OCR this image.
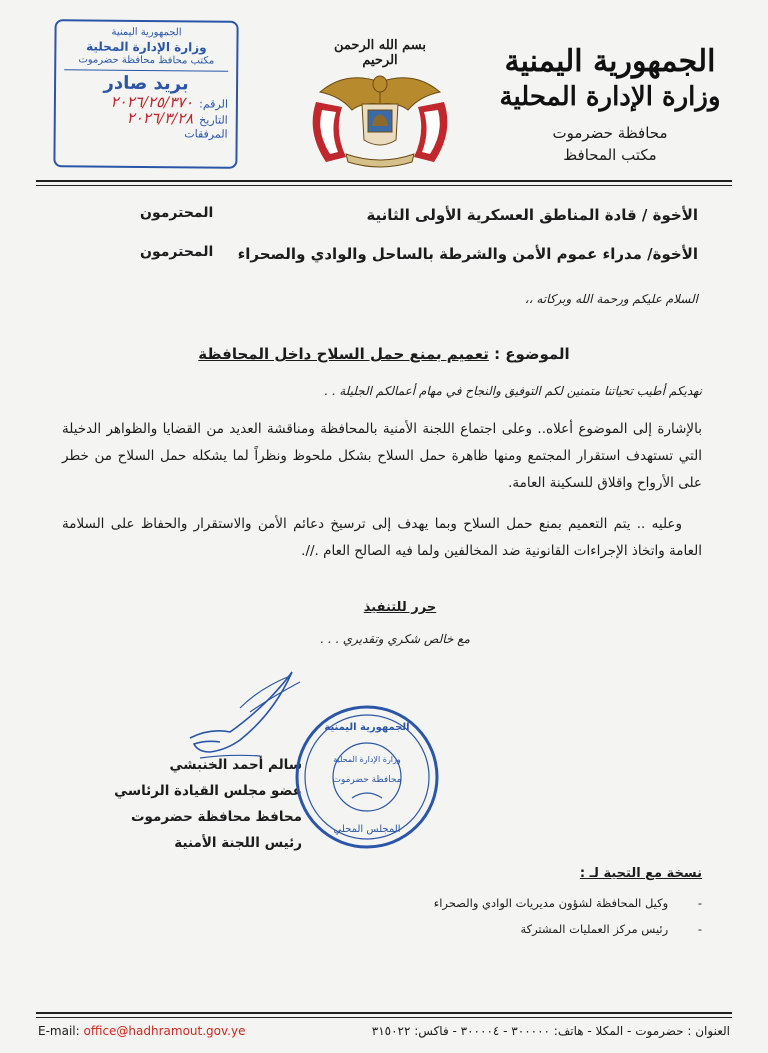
الجمهورية اليمنية
وزارة الإدارة المحلية
محافظة حضرموت
مكتب المحافظ
بسم الله الرحمن الرحيم
الجمهورية اليمنية
وزارة الإدارة المحلية
مكتب محافظ محافظة حضرموت
بريد صادر
الرقم:
٢٠٢٦/٢٥/٣٧٠
التاريخ
٢٠٢٦/٣/٢٨
المرفقات
الأخوة / قادة المناطق العسكرية الأولى الثانية
المحترمون
الأخوة/ مدراء عموم الأمن والشرطة بالساحل والوادي والصحراء
المحترمون
السلام عليكم ورحمة الله وبركاته ،،
الموضوع : تعميم بمنع حمل السلاح داخل المحافظة
نهديكم أطيب تحياتنا متمنين لكم التوفيق والنجاح في مهام أعمالكم الجليلة . .
بالإشارة إلى الموضوع أعلاه.. وعلى اجتماع اللجنة الأمنية بالمحافظة ومناقشة العديد من القضايا والظواهر الدخيلة التي تستهدف استقرار المجتمع ومنها ظاهرة حمل السلاح بشكل ملحوظ ونظراً لما يشكله حمل السلاح من خطر على الأرواح واقلاق للسكينة العامة.
وعليه .. يتم التعميم بمنع حمل السلاح وبما يهدف إلى ترسيخ دعائم الأمن والاستقرار والحفاظ على السلامة العامة واتخاذ الإجراءات القانونية ضد المخالفين ولما فيه الصالح العام .//.
حرر للتنفيذ
مع خالص شكري وتقديري . . .
سالم أحمد الخنبشي
عضو مجلس القيادة الرئاسي
محافظ محافظة حضرموت
رئيس اللجنة الأمنية
الجمهورية اليمنية
وزارة الإدارة المحلية
محافظة حضرموت
المجلس المحلي
نسخة مع التحية لـ :
- وكيل المحافظة لشؤون مديريات الوادي والصحراء
- رئيس مركز العمليات المشتركة
العنوان : حضرموت - المكلا - هاتف: ٣٠٠٠٠٠ - ٣٠٠٠٠٤ - فاكس: ٣١٥٠٢٢
E-mail: office@hadhramout.gov.ye
